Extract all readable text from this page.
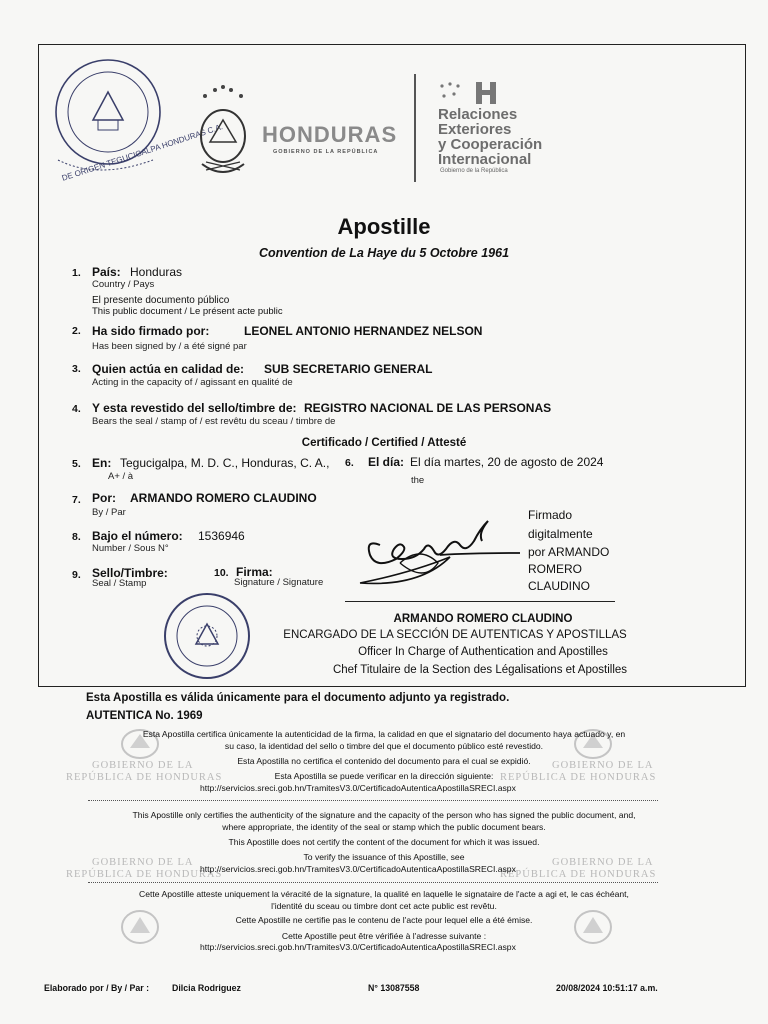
DE ORIGEN TEGUCIGALPA HONDURAS C.A. HONDURAS
GOBIERNO DE LA REPÚBLICA
Relaciones
Exteriores
y Cooperación
Internacional
Gobierno de la República
Apostille
Convention de La Haye du 5 Octobre 1961
1. País: Honduras
Country / Pays
El presente documento público
This public document / Le présent acte public
2. Ha sido firmado por:	LEONEL ANTONIO HERNANDEZ NELSON
Has been signed by / a été signé par
3. Quien actúa en calidad de: SUB SECRETARIO GENERAL
Acting in the capacity of / agissant en qualité de
4. Y esta revestido del sello/timbre de: REGISTRO NACIONAL DE LAS PERSONAS
Bears the seal / stamp of / est revêtu du sceau / timbre de
Certificado / Certified / Attesté
5. En: Tegucigalpa, M. D. C., Honduras, C. A.,
A+ / à
6. El día: El día martes, 20 de agosto de 2024
the
7. Por: ARMANDO ROMERO CLAUDINO
By / Par
8. Bajo el número: 1536946
Number / Sous N°
9. Sello/Timbre:
Seal / Stamp
10. Firma:
Signature / Signature
Firmado
digitalmente
por ARMANDO
ROMERO
CLAUDINO
ARMANDO ROMERO CLAUDINO
ENCARGADO DE LA SECCIÓN DE AUTENTICAS Y APOSTILLAS
Officer In Charge of Authentication and Apostilles
Chef Titulaire de la Section des Légalisations et Apostilles
Esta Apostilla es válida únicamente para el documento adjunto ya registrado.
AUTENTICA No. 1969
GOBIERNO DE LA
REPÚBLICA DE HONDURAS
GOBIERNO DE LA
REPÚBLICA DE HONDURAS
GOBIERNO DE LA
REPÚBLICA DE HONDURAS
GOBIERNO DE LA
REPÚBLICA DE HONDURAS
Esta Apostilla certifica únicamente la autenticidad de la firma, la calidad en que el signatario del documento haya actuado y, en
su caso, la identidad del sello o timbre del que el documento público esté revestido.
Esta Apostilla no certifica el contenido del documento para el cual se expidió.
Esta Apostilla se puede verificar en la dirección siguiente:
http://servicios.sreci.gob.hn/TramitesV3.0/CertificadoAutenticaApostillaSRECI.aspx
This Apostille only certifies the authenticity of the signature and the capacity of the person who has signed the public document, and,
where appropriate, the identity of the seal or stamp which the public document bears.
This Apostille does not certify the content of the document for which it was issued.
To verify the issuance of this Apostille, see
http://servicios.sreci.gob.hn/TramitesV3.0/CertificadoAutenticaApostillaSRECI.aspx
Cette Apostille atteste uniquement la véracité de la signature, la qualité en laquelle le signataire de l'acte a agi et, le cas échéant,
l'identité du sceau ou timbre dont cet acte public est revêtu.
Cette Apostille ne certifie pas le contenu de l'acte pour lequel elle a été émise.
Cette Apostille peut être vérifiée à l'adresse suivante :
http://servicios.sreci.gob.hn/TramitesV3.0/CertificadoAutenticaApostillaSRECI.aspx
Elaborado por / By / Par :	Dilcia Rodriguez	N° 13087558	20/08/2024 10:51:17 a.m.
